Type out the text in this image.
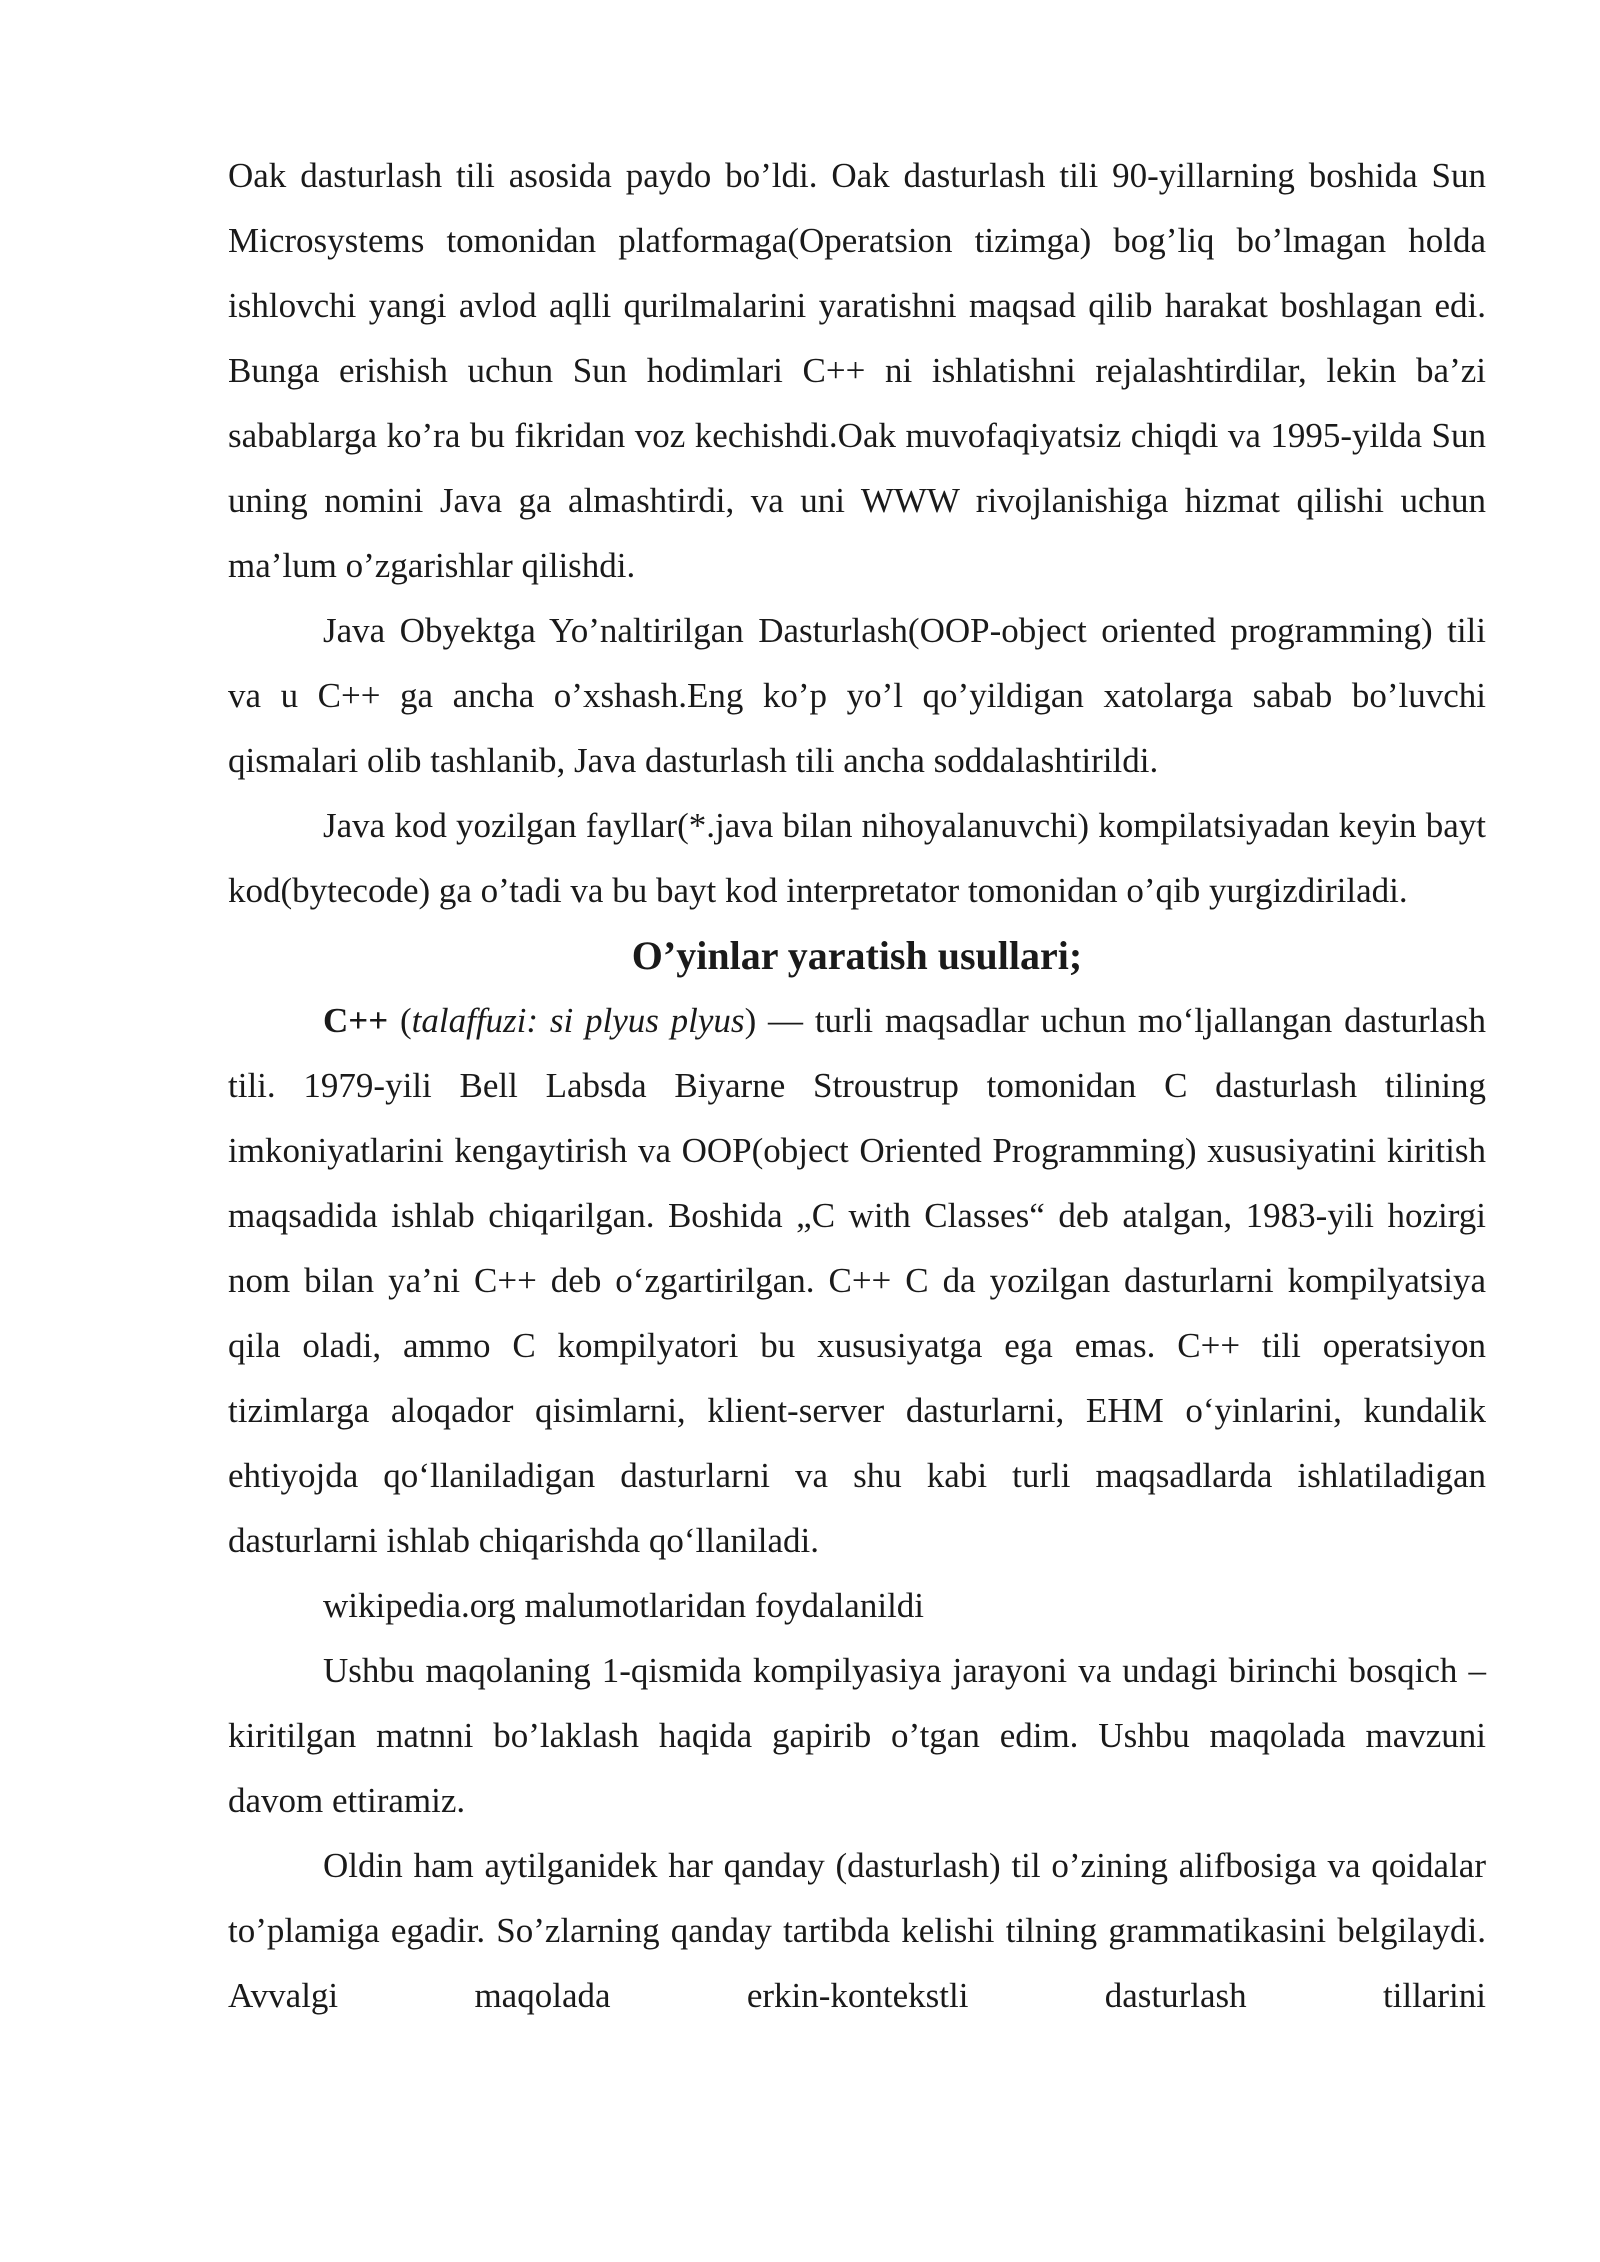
Oak dasturlash tili asosida paydo bo’ldi. Oak dasturlash tili 90-yillarning boshida Sun Microsystems tomonidan platformaga(Operatsion tizimga) bog’liq bo’lmagan holda ishlovchi yangi avlod aqlli qurilmalarini yaratishni maqsad qilib harakat boshlagan edi. Bunga erishish uchun Sun hodimlari C++ ni ishlatishni rejalashtirdilar, lekin ba’zi sabablarga ko’ra bu fikridan voz kechishdi.Oak muvofaqiyatsiz chiqdi va 1995-yilda Sun uning nomini Java ga almashtirdi, va uni WWW rivojlanishiga hizmat qilishi uchun ma’lum o’zgarishlar qilishdi.

Java Obyektga Yo’naltirilgan Dasturlash(OOP-object oriented programming) tili va u C++ ga ancha o’xshash.Eng ko’p yo’l qo’yildigan xatolarga sabab bo’luvchi qismalari olib tashlanib, Java dasturlash tili ancha soddalashtirildi.

Java kod yozilgan fayllar(*.java bilan nihoyalanuvchi) kompilatsiyadan keyin bayt kod(bytecode) ga o’tadi va bu bayt kod interpretator tomonidan o’qib yurgizdiriladi.

O’yinlar yaratish usullari;

C++ (talaffuzi: si plyus plyus) — turli maqsadlar uchun moʻljallangan dasturlash tili. 1979-yili Bell Labsda Biyarne Stroustrup tomonidan C dasturlash tilining imkoniyatlarini kengaytirish va OOP(object Oriented Programming) xususiyatini kiritish maqsadida ishlab chiqarilgan. Boshida „C with Classes“ deb atalgan, 1983-yili hozirgi nom bilan ya’ni C++ deb oʻzgartirilgan. C++ C da yozilgan dasturlarni kompilyatsiya qila oladi, ammo C kompilyatori bu xususiyatga ega emas. C++ tili operatsiyon tizimlarga aloqador qisimlarni, klient-server dasturlarni, EHM oʻyinlarini, kundalik ehtiyojda qoʻllaniladigan dasturlarni va shu kabi turli maqsadlarda ishlatiladigan dasturlarni ishlab chiqarishda qoʻllaniladi.

wikipedia.org malumotlaridan foydalanildi

Ushbu maqolaning 1-qismida kompilyasiya jarayoni va undagi birinchi bosqich – kiritilgan matnni bo’laklash haqida gapirib o’tgan edim. Ushbu maqolada mavzuni davom ettiramiz.

Oldin ham aytilganidek har qanday (dasturlash) til o’zining alifbosiga va qoidalar to’plamiga egadir. So’zlarning qanday tartibda kelishi tilning grammatikasini belgilaydi. Avvalgi maqolada erkin-kontekstli dasturlash tillarini
